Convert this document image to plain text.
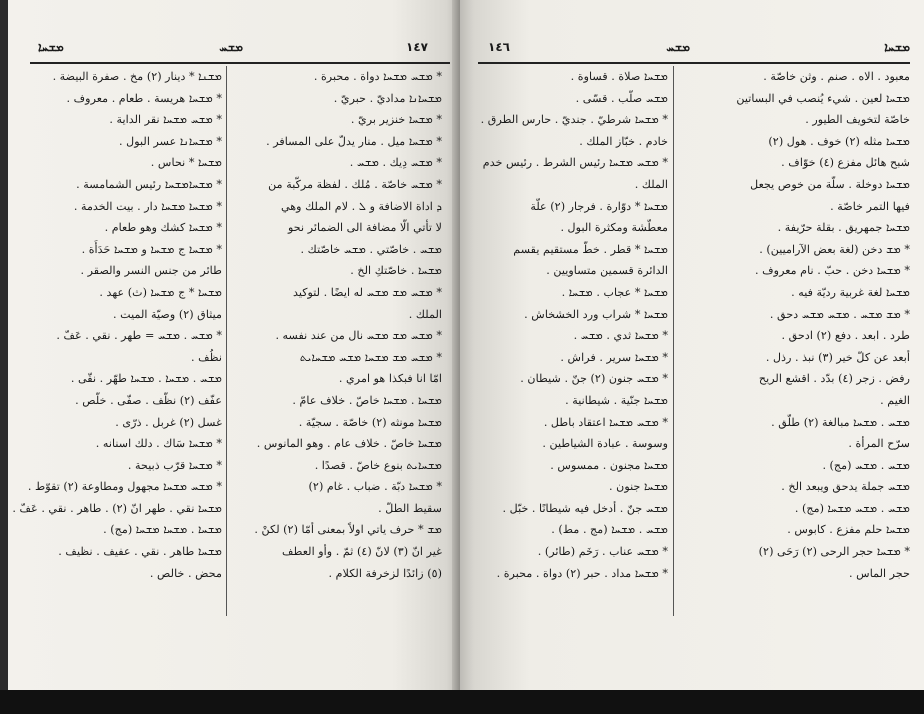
١٤٧
ܡܫܚ
ܡܫܚܐ
* ܡܫܚ ܡܫܚܐ دواة . محبرة .
ܡܫܚܐܢܐ مداديّ . حبريّ .
* ܡܫܚܐ خنزير بريّ .
* ܡܫܚܐ ميل . منار يدلّ على المسافر .
* ܡܫܚ دِيك . ܡܫܚ .
* ܡܫܚ خاصّة . مُلك . لفظة مركّبة من
ܕ اداة الاضافة و ܠ . لام الملك وهي
لا تأتي الّا مضافة الى الضمائر نحو
ܡܫܚ . خاصّتي . ܡܫܚ خاصّتك .
ܡܫܚܐ . خاصّتكِ الخ .
* ܡܫܚ ܡܫ ܡܫܚ له ايضًا . لتوكيد
الملك .
* ܡܫܚ ܡܫ ܡܫܚ نال من عند نفسه .
* ܡܫܚ ܡܫ ܡܫܚܐ ܡܫܚ ܡܫܚܐܝܬ
امّا انا فبكذا هو امري .
ܡܫܚܐ . ܡܫܚܐ خاصّ . خلاف عامّ .
ܡܫܚܐ مونثه (٢) خاصّة . سجيّة .
ܡܫܚܐ خاصّ . خلاف عام . وهو المانوس .
ܡܫܚܐܝܬ بنوع خاصّ . قصدًا .
* ܡܫܚܐ دبّة . ضباب . غام (٢)
سقيط الطلّ .
ܡܫ * حرف ياتي اولاً بمعنى أمّا (٢) لكنْ .
غير انّ (٣) لانّ (٤) ثمّ . وأو العطف
(٥) زائدًا لزخرفة الكلام .
ܡܫܢܐ * دينار (٢) مخ . صفرة البيضة .
* ܡܫܚܐ هريسة . طعام . معروف .
* ܡܫܚ ܡܫܚܐ نقر الداية .
* ܡܫܚܐܢܐ عسر البول .
ܡܫܚܐ * نحاس .
* ܡܫܚܐܡܫܚܐ رئيس الشمامسة .
* ܡܫܚܐ ܡܫܚܐ دار . بيت الخدمة .
* ܡܫܚܐ كشك وهو طعام .
* ܡܫܚܐ ج ܡܫܚܐ و ܡܫܚܐ حَدَأَة .
طائر من جنس النسر والصقر .
ܡܫܚܐ * ج ܡܫܚܐ (ث) عهد .
ميثاق (٢) وصيّة الميت .
* ܡܫܚ . ܡܫܚ = طهر . نقي . عَفّ .
نظُف .
ܡܫܚ . ܡܫܚܐ . ܡܫܚܐ طهّر . نقّى .
عفّف (٢) نظّف . صفّى . خلّص .
غسل (٢) غربل . ذرّى .
* ܡܫܚܐ سَاك . دلك اسنانه .
* ܡܫܚܐ قرّب ذبيحة .
* ܡܫܚ ܡܫܚܐ مجهول ومطاوعة (٢) تقوّط .
ܡܫܚܐ نقي . طهر انّ (٢) . طاهر . نقي . عَفّ .
ܡܫܚܐ . ܡܫܚܐ ܡܫܚܐ (مج) .
ܡܫܚܐ طاهر . نقي . عفيف . نظيف .
محض . خالص .
ܡܫܚܐ
ܡܫܚ
١٤٦
معبود . الاه . صنم . وثن خاصّة .
ܡܫܚܐ لعين . شيء يُنصب في البساتين
خاصّة لتخويف الطيور .
ܡܫܚܐ مثله (٢) خوف . هول (٢)
شبح هائل مفزع (٤) خوّاف .
ܡܫܚܐ دوخلة . سلّة من خوص يجعل
فيها التمر خاصّة .
ܡܫܚܐ جمهريق . بقلة حرّيفة .
* ܡܫ دخن (لغة بعض الآراميين) .
* ܡܫܚܐ دخن . حبّ . نام معروف .
ܡܫܚܐ لغة غربية رديّة فيه .
* ܡܫ ܡܫܚ . ܡܫܚ ܡܫܚ دحق .
طرد . ابعد . دفع (٢) ادحق .
أبعد عن كلّ خير (٣) نبذ . رذل .
رفض . زجر (٤) بدّد . اقشع الريح
الغيم .
ܡܫܚ . ܡܫܚܐ مبالغة (٢) طلّق .
سرّح المرأة .
ܡܫܚ . ܡܫܚ (مج) .
ܡܫܚ جملة يدحق ويبعد الخ .
ܡܫܚ . ܡܫܚ ܡܫܚܐ (مج) .
ܡܫܚܐ حلم مفزع . كابوس .
* ܡܫܚܐ حجر الرحى (٢) رَحَى (٢)
حجر الماس .
ܡܫܚܐ صلاة . قساوة .
ܡܫܚ صلّب . قسّى .
* ܡܫܚܐ شرطيّ . جنديّ . حارس الطرق .
خادم . خبّاز الملك .
* ܡܫܚ ܡܫܚܐ رئيس الشرط . رئيس خدم
الملك .
ܡܫܚܐ * دوّارة . فرجار (٢) علّة
معطّشة ومكثرة البول .
ܡܫܚܐ * قطر . خطّ مستقيم يقسم
الدائرة قسمين متساويين .
ܡܫܚܐ * عجاب . ܡܫܚܐ .
ܡܫܚܐ * شراب ورد الخشخاش .
* ܡܫܚܐ ثدي . ܡܫܚ .
* ܡܫܚܐ سرير . فراش .
* ܡܫܚ جنون (٢) جنّ . شيطان .
ܡܫܚܐ جنّية . شيطانية .
* ܡܫܚ ܡܫܚܐ اعتقاد باطل .
وسوسة . عبادة الشياطين .
ܡܫܚܐ مجنون . ممسوس .
ܡܫܚܐ جنون .
ܡܫܚ جنّ . أدخل فيه شيطانًا . خبّل .
ܡܫܚ . ܡܫܚܐ (مج . مط) .
* ܡܫܚ عناب . رَخَم (طائر) .
* ܡܫܚܐ مداد . حبر (٢) دواة . محبرة .
